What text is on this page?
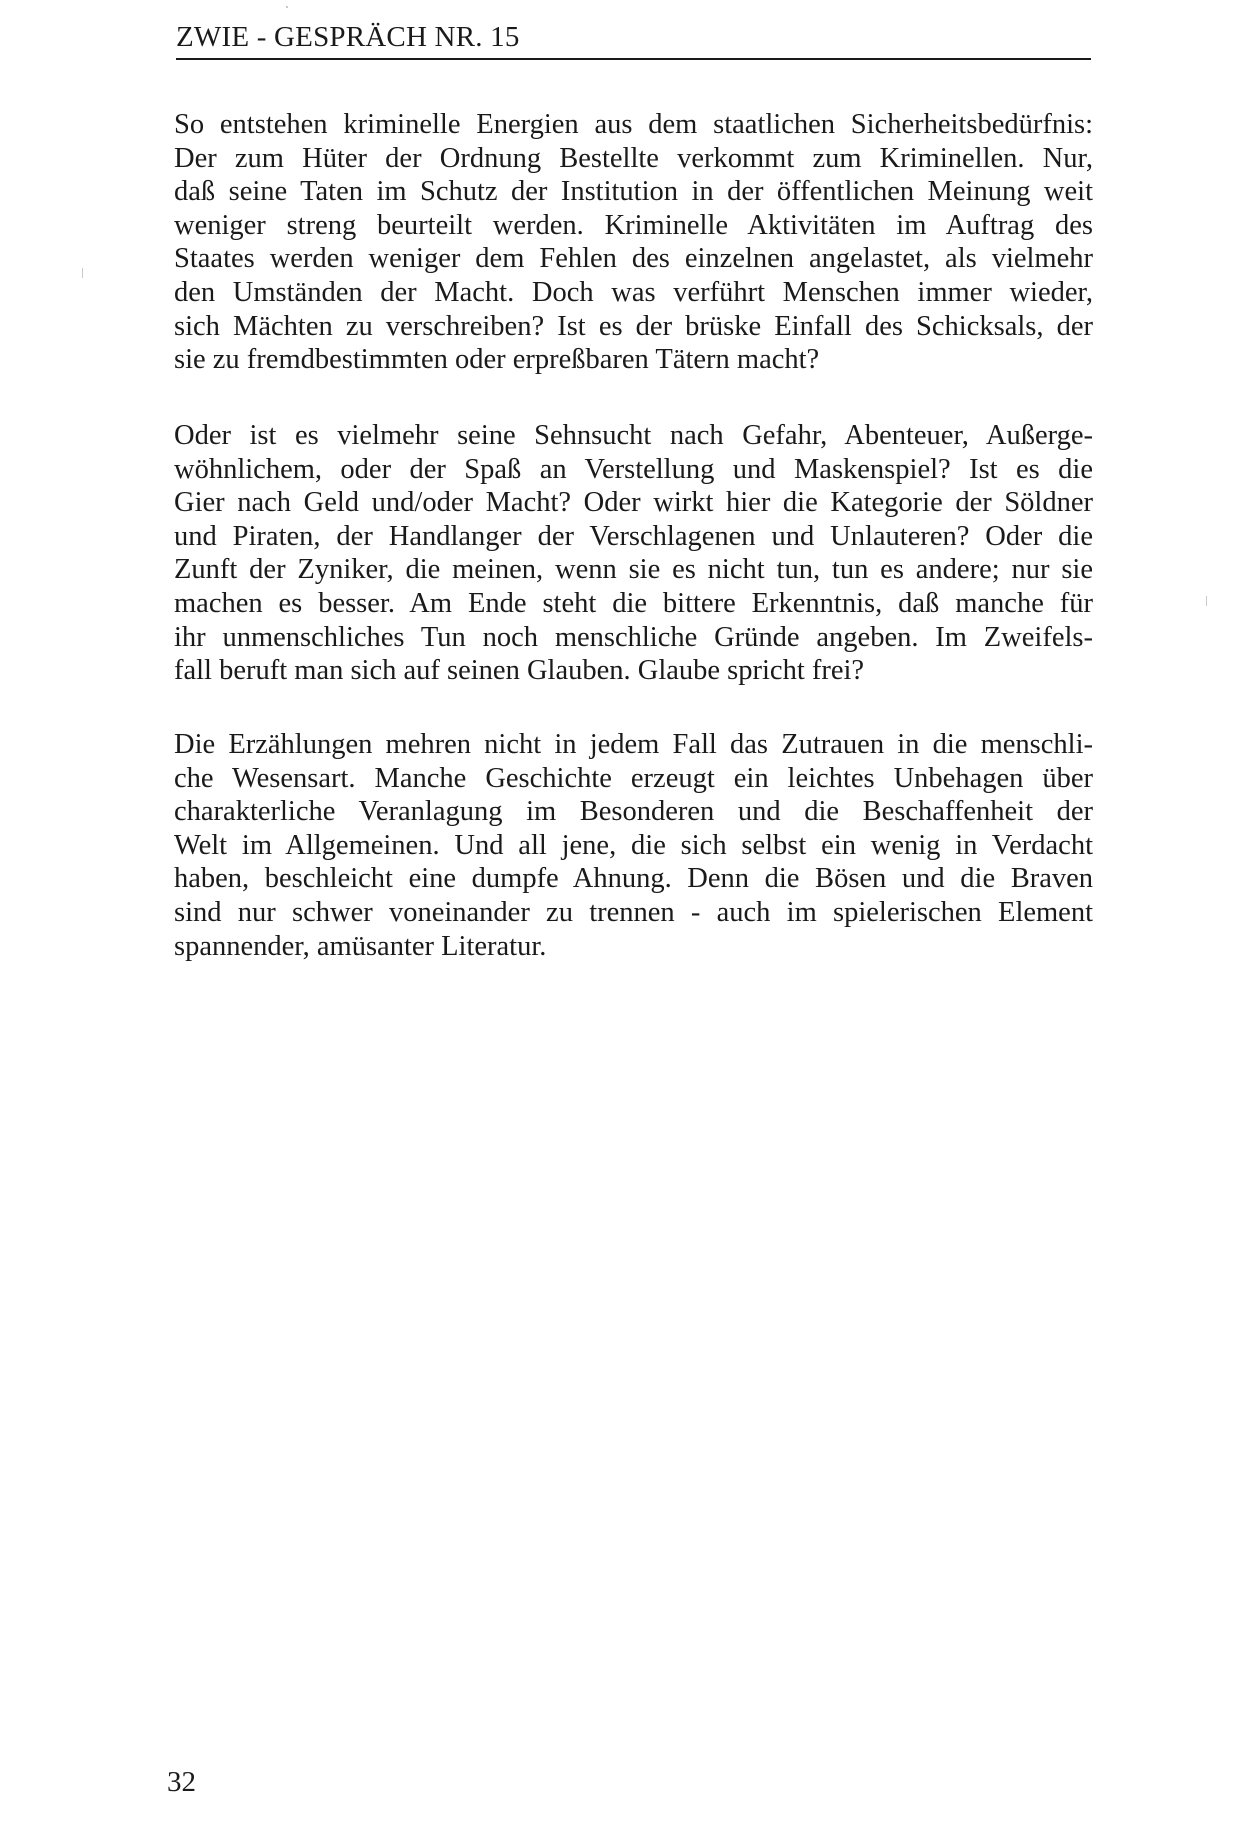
ZWIE - GESPRÄCH NR. 15

So entstehen kriminelle Energien aus dem staatlichen Sicherheitsbedürfnis:
Der zum Hüter der Ordnung Bestellte verkommt zum Kriminellen. Nur,
daß seine Taten im Schutz der Institution in der öffentlichen Meinung weit
weniger streng beurteilt werden. Kriminelle Aktivitäten im Auftrag des
Staates werden weniger dem Fehlen des einzelnen angelastet, als vielmehr
den Umständen der Macht. Doch was verführt Menschen immer wieder,
sich Mächten zu verschreiben? Ist es der brüske Einfall des Schicksals, der
sie zu fremdbestimmten oder erpreßbaren Tätern macht?

Oder ist es vielmehr seine Sehnsucht nach Gefahr, Abenteuer, Außerge-
wöhnlichem, oder der Spaß an Verstellung und Maskenspiel? Ist es die
Gier nach Geld und/oder Macht? Oder wirkt hier die Kategorie der Söldner
und Piraten, der Handlanger der Verschlagenen und Unlauteren? Oder die
Zunft der Zyniker, die meinen, wenn sie es nicht tun, tun es andere; nur sie
machen es besser. Am Ende steht die bittere Erkenntnis, daß manche für
ihr unmenschliches Tun noch menschliche Gründe angeben. Im Zweifels-
fall beruft man sich auf seinen Glauben. Glaube spricht frei?

Die Erzählungen mehren nicht in jedem Fall das Zutrauen in die menschli-
che Wesensart. Manche Geschichte erzeugt ein leichtes Unbehagen über
charakterliche Veranlagung im Besonderen und die Beschaffenheit der
Welt im Allgemeinen. Und all jene, die sich selbst ein wenig in Verdacht
haben, beschleicht eine dumpfe Ahnung. Denn die Bösen und die Braven
sind nur schwer voneinander zu trennen - auch im spielerischen Element
spannender, amüsanter Literatur.

32
